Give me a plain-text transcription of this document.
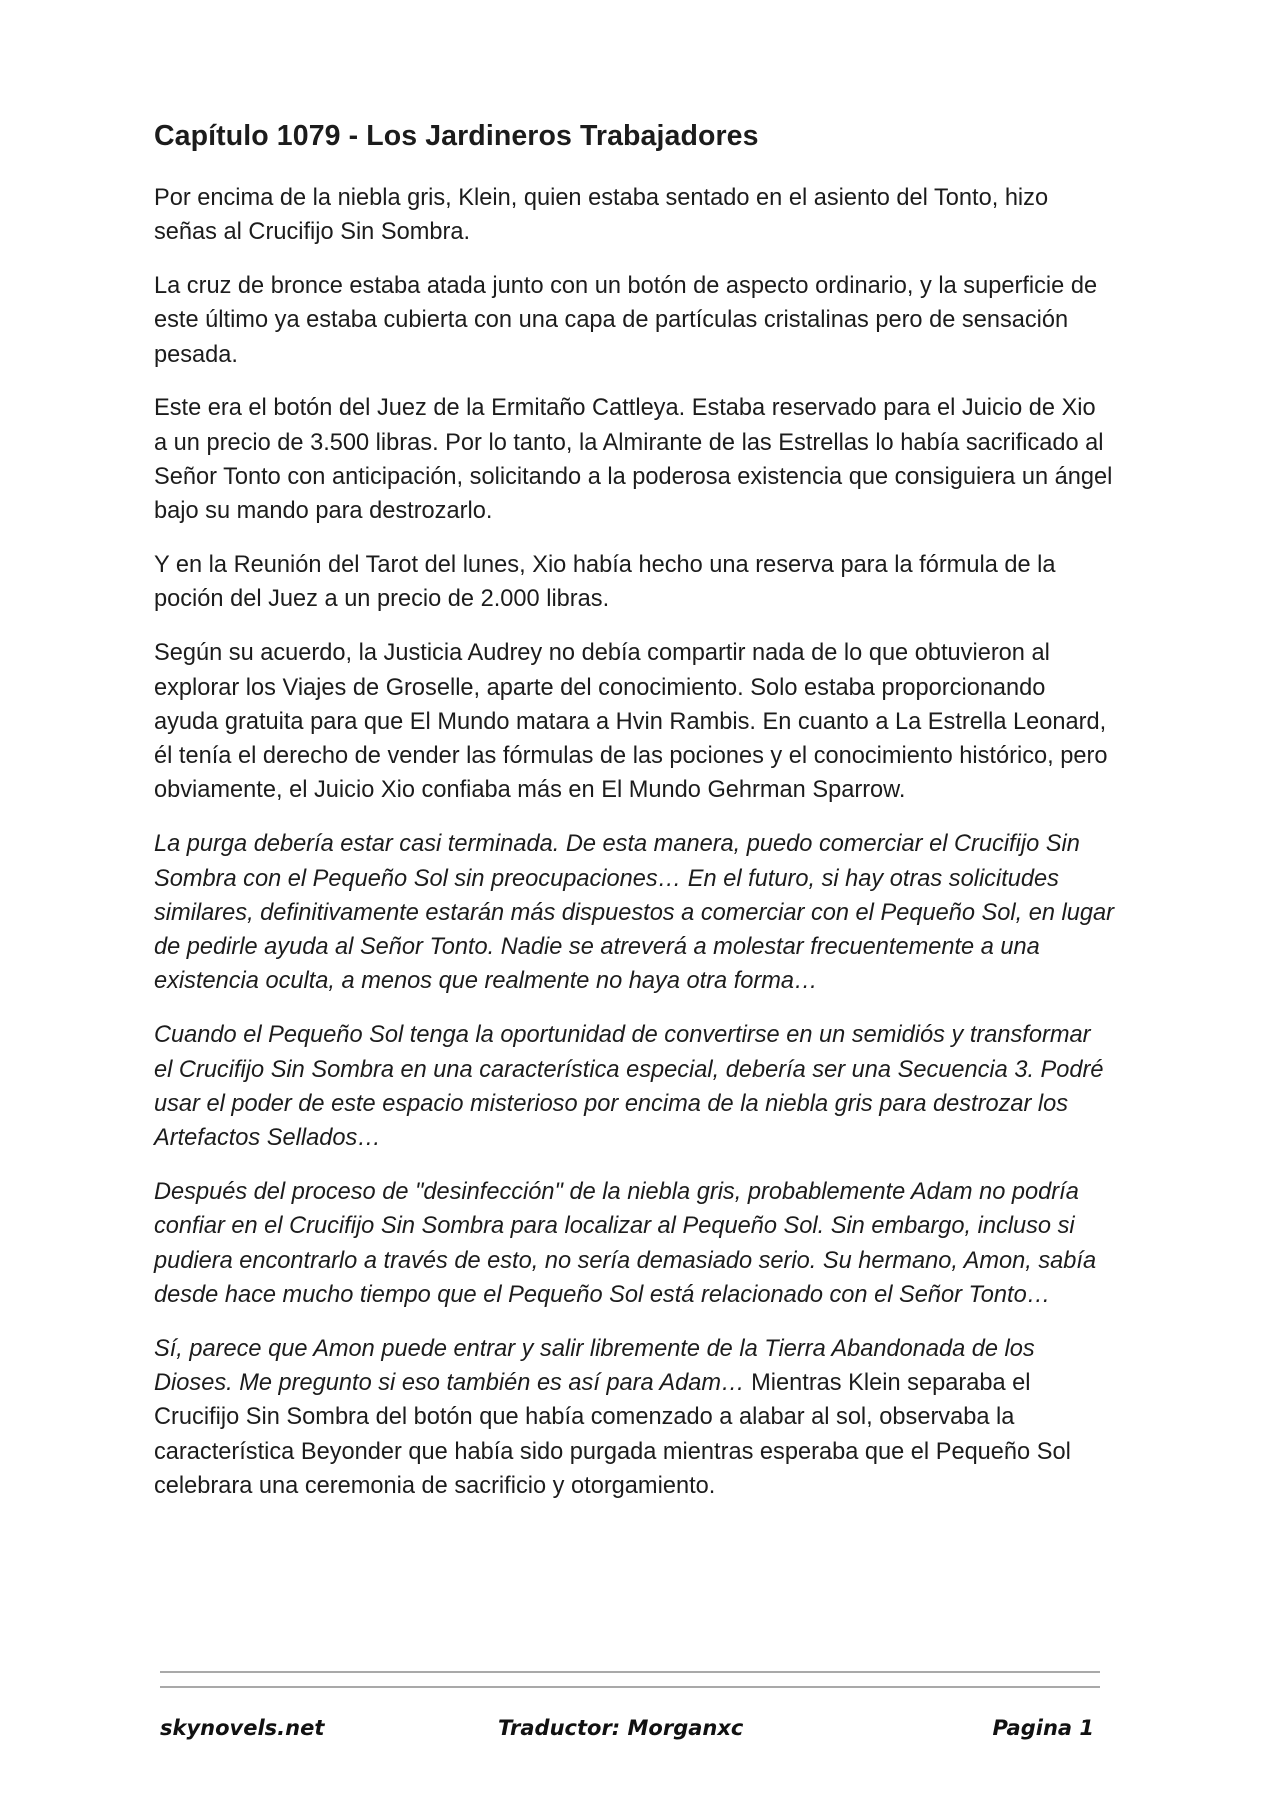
Capítulo 1079 - Los Jardineros Trabajadores

Por encima de la niebla gris, Klein, quien estaba sentado en el asiento del Tonto, hizo señas al Crucifijo Sin Sombra.

La cruz de bronce estaba atada junto con un botón de aspecto ordinario, y la superficie de este último ya estaba cubierta con una capa de partículas cristalinas pero de sensación pesada.

Este era el botón del Juez de la Ermitaño Cattleya. Estaba reservado para el Juicio de Xio a un precio de 3.500 libras. Por lo tanto, la Almirante de las Estrellas lo había sacrificado al Señor Tonto con anticipación, solicitando a la poderosa existencia que consiguiera un ángel bajo su mando para destrozarlo.

Y en la Reunión del Tarot del lunes, Xio había hecho una reserva para la fórmula de la poción del Juez a un precio de 2.000 libras.

Según su acuerdo, la Justicia Audrey no debía compartir nada de lo que obtuvieron al explorar los Viajes de Groselle, aparte del conocimiento. Solo estaba proporcionando ayuda gratuita para que El Mundo matara a Hvin Rambis. En cuanto a La Estrella Leonard, él tenía el derecho de vender las fórmulas de las pociones y el conocimiento histórico, pero obviamente, el Juicio Xio confiaba más en El Mundo Gehrman Sparrow.

La purga debería estar casi terminada. De esta manera, puedo comerciar el Crucifijo Sin Sombra con el Pequeño Sol sin preocupaciones… En el futuro, si hay otras solicitudes similares, definitivamente estarán más dispuestos a comerciar con el Pequeño Sol, en lugar de pedirle ayuda al Señor Tonto. Nadie se atreverá a molestar frecuentemente a una existencia oculta, a menos que realmente no haya otra forma…

Cuando el Pequeño Sol tenga la oportunidad de convertirse en un semidiós y transformar el Crucifijo Sin Sombra en una característica especial, debería ser una Secuencia 3. Podré usar el poder de este espacio misterioso por encima de la niebla gris para destrozar los Artefactos Sellados…

Después del proceso de "desinfección" de la niebla gris, probablemente Adam no podría confiar en el Crucifijo Sin Sombra para localizar al Pequeño Sol. Sin embargo, incluso si pudiera encontrarlo a través de esto, no sería demasiado serio. Su hermano, Amon, sabía desde hace mucho tiempo que el Pequeño Sol está relacionado con el Señor Tonto…

Sí, parece que Amon puede entrar y salir libremente de la Tierra Abandonada de los Dioses. Me pregunto si eso también es así para Adam… Mientras Klein separaba el Crucifijo Sin Sombra del botón que había comenzado a alabar al sol, observaba la característica Beyonder que había sido purgada mientras esperaba que el Pequeño Sol celebrara una ceremonia de sacrificio y otorgamiento.

skynovels.net	Traductor: Morganxc	Pagina 1
